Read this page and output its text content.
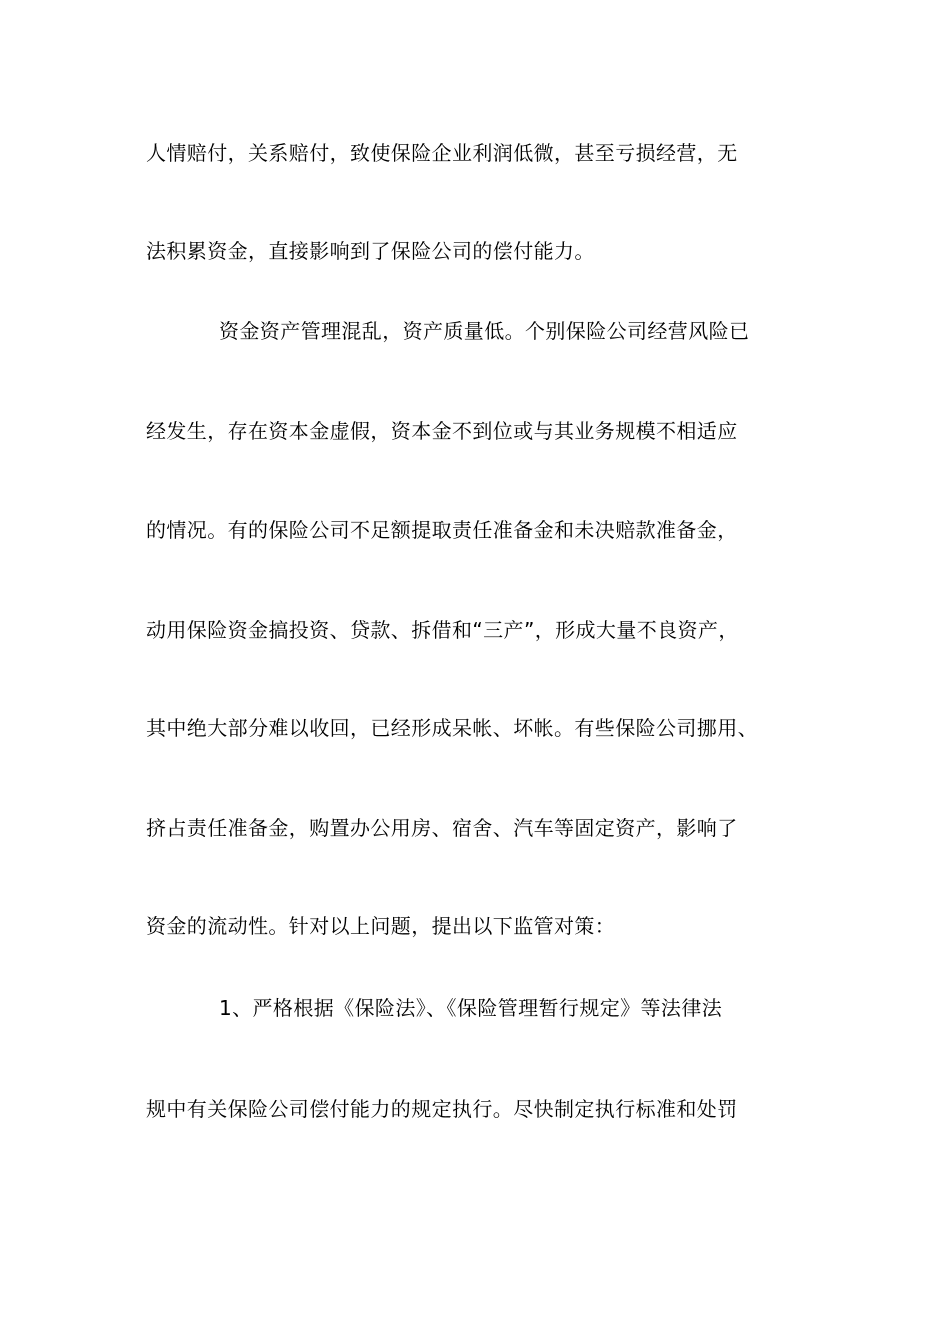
人情赔付，关系赔付，致使保险企业利润低微，甚至亏损经营，无

法积累资金，直接影响到了保险公司的偿付能力。

资金资产管理混乱，资产质量低。个别保险公司经营风险已

经发生，存在资本金虚假，资本金不到位或与其业务规模不相适应

的情况。有的保险公司不足额提取责任准备金和未决赔款准备金，

动用保险资金搞投资、贷款、拆借和“三产”，形成大量不良资产，

其中绝大部分难以收回，已经形成呆帐、坏帐。有些保险公司挪用、

挤占责任准备金，购置办公用房、宿舍、汽车等固定资产，影响了

资金的流动性。针对以上问题，提出以下监管对策：

1、严格根据《保险法》、《保险管理暂行规定》等法律法

规中有关保险公司偿付能力的规定执行。尽快制定执行标准和处罚
